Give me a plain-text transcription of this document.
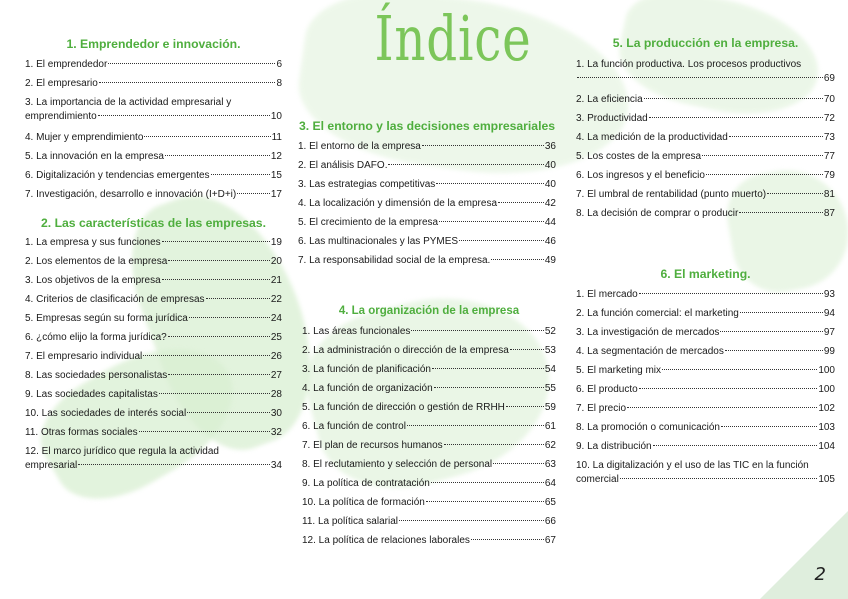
Índice

1. Emprendedor e innovación.

1. El emprendedor	6
2. El empresario	8
3. La importancia de la actividad empresarial y
emprendimiento	10
4. Mujer y emprendimiento	11
5. La innovación en la empresa	12
6. Digitalización y tendencias emergentes	15
7. Investigación, desarrollo e innovación (I+D+i)	17

2. Las características de las empresas.

1. La empresa y sus funciones	19
2. Los elementos de la empresa	20
3. Los objetivos de la empresa	21
4. Criterios de clasificación de empresas	22
5. Empresas según su forma jurídica	24
6. ¿cómo elijo la forma jurídica?	25
7. El empresario individual	26
8. Las sociedades personalistas	27
9. Las sociedades capitalistas	28
10. Las sociedades de interés social	30
11. Otras formas sociales	32
12. El marco jurídico que regula la actividad
empresarial	34

3. El entorno y las decisiones empresariales

1. El entorno de la empresa	36
2. El análisis DAFO.	40
3. Las estrategias competitivas	40
4. La localización y dimensión de la empresa	42
5. El crecimiento de la empresa	44
6. Las multinacionales y las PYMES	46
7. La responsabilidad social de la empresa.	49

4. La organización de la empresa

1. Las áreas funcionales	52
2. La administración o dirección de la empresa	53
3. La función de planificación	54
4. La función de organización	55
5. La función de dirección o gestión de RRHH	59
6. La función de control	61
7. El plan de recursos humanos	62
8. El reclutamiento y selección de personal	63
9. La política de contratación	64
10. La política de formación	65
11. La política salarial	66
12. La política de relaciones laborales	67

5. La producción en la empresa.

1. La función productiva. Los procesos productivos
69
2. La eficiencia	70
3. Productividad	72
4. La medición de la productividad	73
5. Los costes de la empresa	77
6. Los ingresos y el beneficio	79
7. El umbral de rentabilidad (punto muerto)	81
8. La decisión de comprar o producir	87

6. El marketing.

1. El mercado	93
2. La función comercial: el marketing	94
3. La investigación de mercados	97
4. La segmentación de mercados	99
5. El marketing mix	100
6. El producto	100
7. El precio	102
8. La promoción o comunicación	103
9. La distribución	104
10. La digitalización y el uso de las TIC en la función
comercial	105
2
